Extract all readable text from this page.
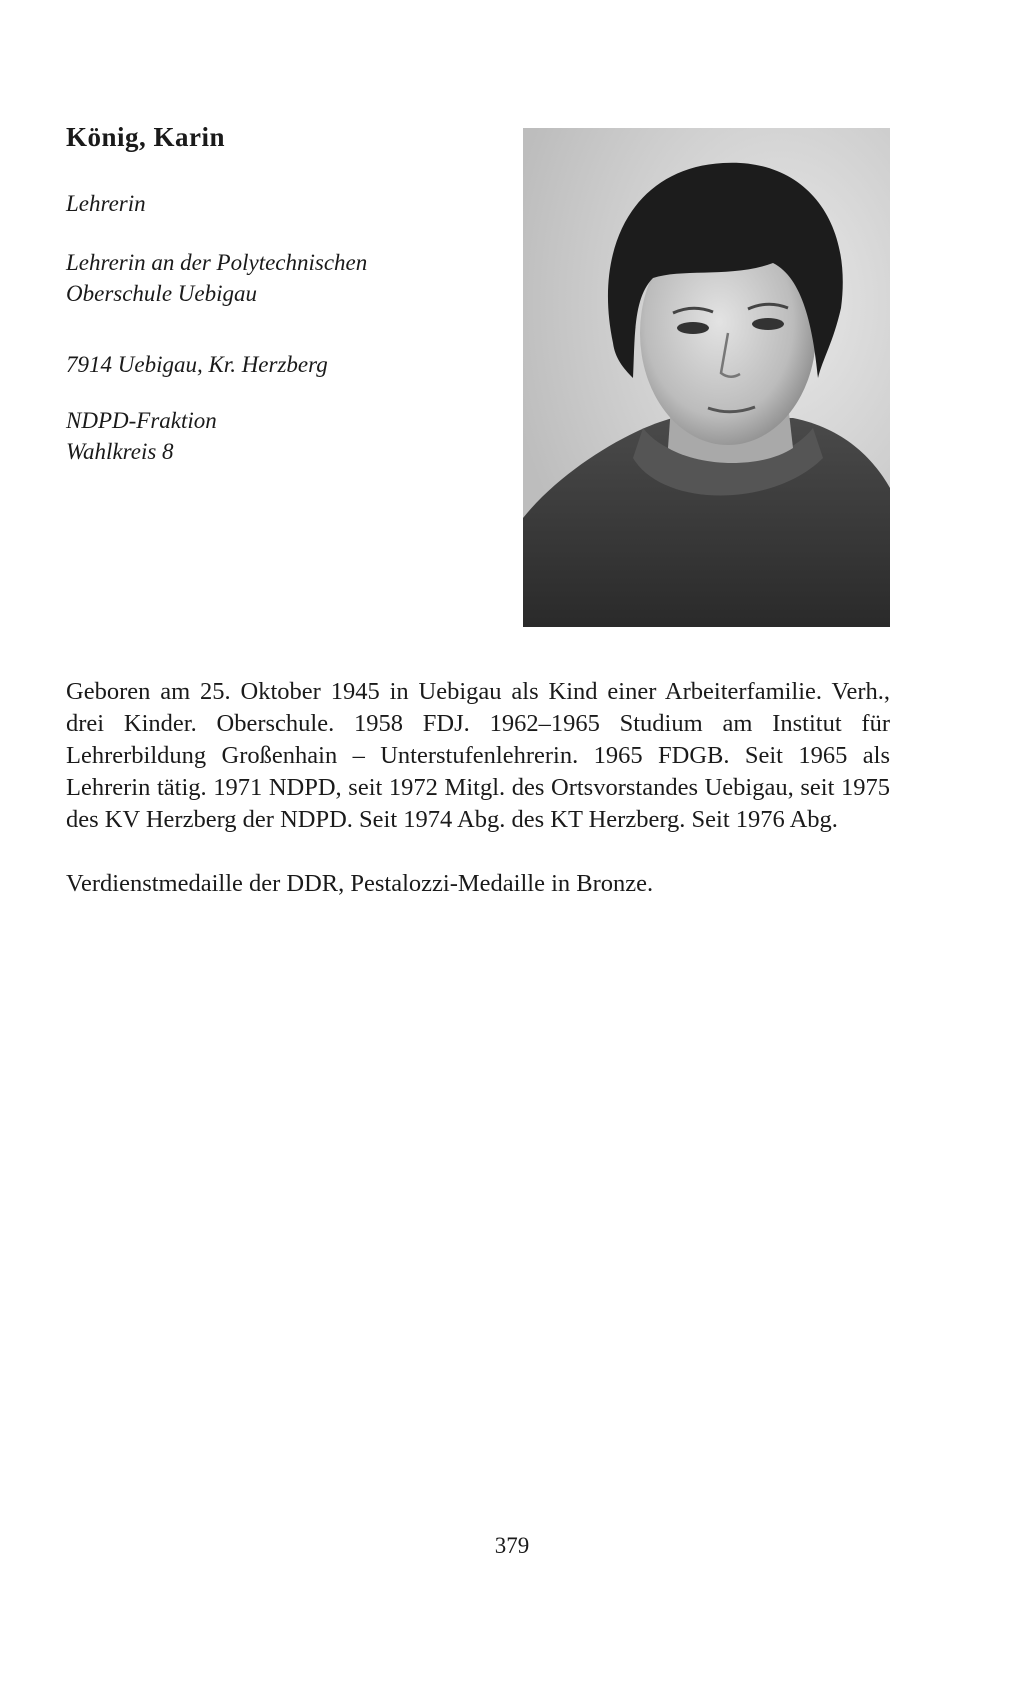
König, Karin

Lehrerin

Lehrerin an der Polytechnischen
Oberschule Uebigau

7914 Uebigau, Kr. Herzberg

NDPD-Fraktion
Wahlkreis 8

Geboren am 25. Oktober 1945 in Uebigau als Kind einer Arbeiterfamilie. Verh., drei Kinder. Oberschule. 1958 FDJ. 1962–1965 Studium am Institut für Lehrerbildung Großenhain – Unterstufenlehrerin. 1965 FDGB. Seit 1965 als Lehrerin tätig. 1971 NDPD, seit 1972 Mitgl. des Ortsvorstandes Uebigau, seit 1975 des KV Herzberg der NDPD. Seit 1974 Abg. des KT Herzberg. Seit 1976 Abg.

Verdienstmedaille der DDR, Pestalozzi-Medaille in Bronze.

379
